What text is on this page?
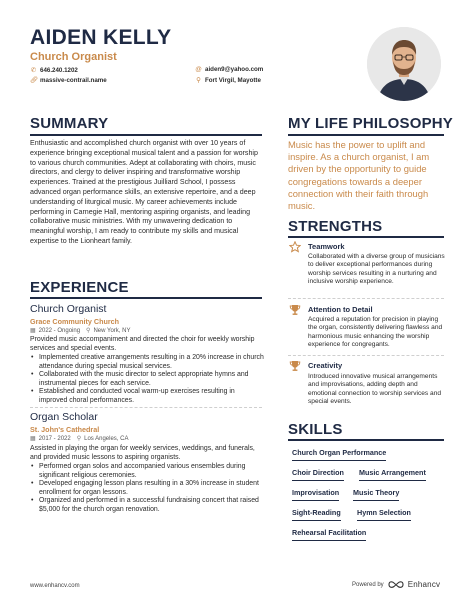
AIDEN KELLY
Church Organist
✆ 646.240.1202	@ aiden9@yahoo.com
🔗︎ massive-contrail.name	⚲ Fort Virgil, Mayotte
SUMMARY
Enthusiastic and accomplished church organist with over 10 years of experience bringing exceptional musical talent and a passion for worship to various church communities. Adept at collaborating with choirs, music directors, and clergy to deliver inspiring and transformative worship experiences. Trained at the prestigious Juilliard School, I possess advanced organ performance skills, an extensive repertoire, and a deep understanding of liturgical music. My career achievements include performing in Carnegie Hall, mentoring aspiring organists, and leading collaborative music ministries. With my unwavering dedication to meaningful worship, I am ready to contribute my skills and musical expertise to the Lionheart family.
EXPERIENCE
Church Organist
Grace Community Church
▦ 2022 - Ongoing ⚲ New York, NY
Provided music accompaniment and directed the choir for weekly worship services and special events.
• Implemented creative arrangements resulting in a 20% increase in church attendance during special musical services.
• Collaborated with the music director to select appropriate hymns and instrumental pieces for each service.
• Established and conducted vocal warm-up exercises resulting in improved choral performances.
Organ Scholar
St. John's Cathedral
▦ 2017 - 2022 ⚲ Los Angeles, CA
Assisted in playing the organ for weekly services, weddings, and funerals, and provided music lessons to aspiring organists.
• Performed organ solos and accompanied various ensembles during significant religious ceremonies.
• Developed engaging lesson plans resulting in a 30% increase in student enrollment for organ lessons.
• Organized and performed in a successful fundraising concert that raised $5,000 for the church organ renovation.
MY LIFE PHILOSOPHY
Music has the power to uplift and inspire. As a church organist, I am driven by the opportunity to guide congregations towards a deeper connection with their faith through music.
STRENGTHS
Teamwork
Collaborated with a diverse group of musicians to deliver exceptional performances during worship services resulting in a nurturing and inclusive worship experience.
Attention to Detail
Acquired a reputation for precision in playing the organ, consistently delivering flawless and harmonious music enhancing the worship experience for congregants.
Creativity
Introduced innovative musical arrangements and improvisations, adding depth and emotional connection to worship services and special events.
SKILLS
Church Organ Performance
Choir Direction Music Arrangement
Improvisation Music Theory
Sight-Reading Hymn Selection
Rehearsal Facilitation
www.enhancv.com	Powered by	Enhancv
